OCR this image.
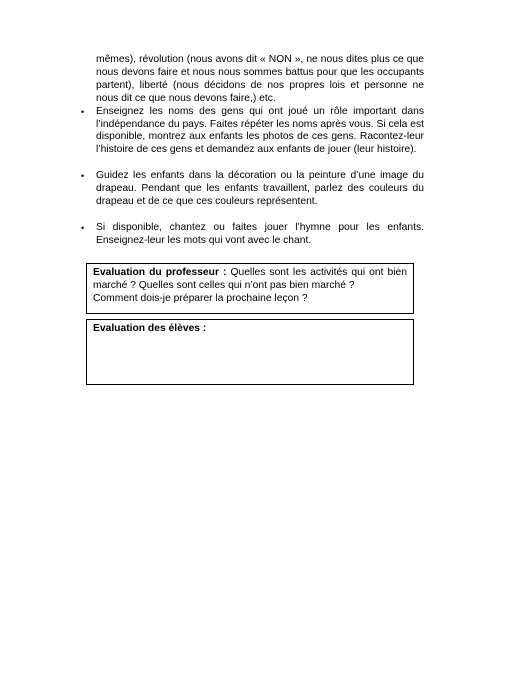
mêmes), révolution (nous avons dit « NON », ne nous dites plus ce que nous devons faire et nous nous sommes battus pour que les occupants partent), liberté (nous décidons de nos propres lois et personne ne nous dit ce que nous devons faire,) etc.

• Enseignez les noms des gens qui ont joué un rôle important dans l’indépendance du pays. Faites répéter les noms après vous. Si cela est disponible, montrez aux enfants les photos de ces gens. Racontez-leur l’histoire de ces gens et demandez aux enfants de jouer (leur histoire).
• Guidez les enfants dans la décoration ou la peinture d’une image du drapeau. Pendant que les enfants travaillent, parlez des couleurs du drapeau et de ce que ces couleurs représentent.
• Si disponible, chantez ou faites jouer l’hymne pour les enfants. Enseignez-leur les mots qui vont avec le chant.
Evaluation du professeur : Quelles sont les activités qui ont bien marché ? Quelles sont celles qui n’ont pas bien marché ?
Comment dois-je préparer la prochaine leçon ?
Evaluation des élèves :
